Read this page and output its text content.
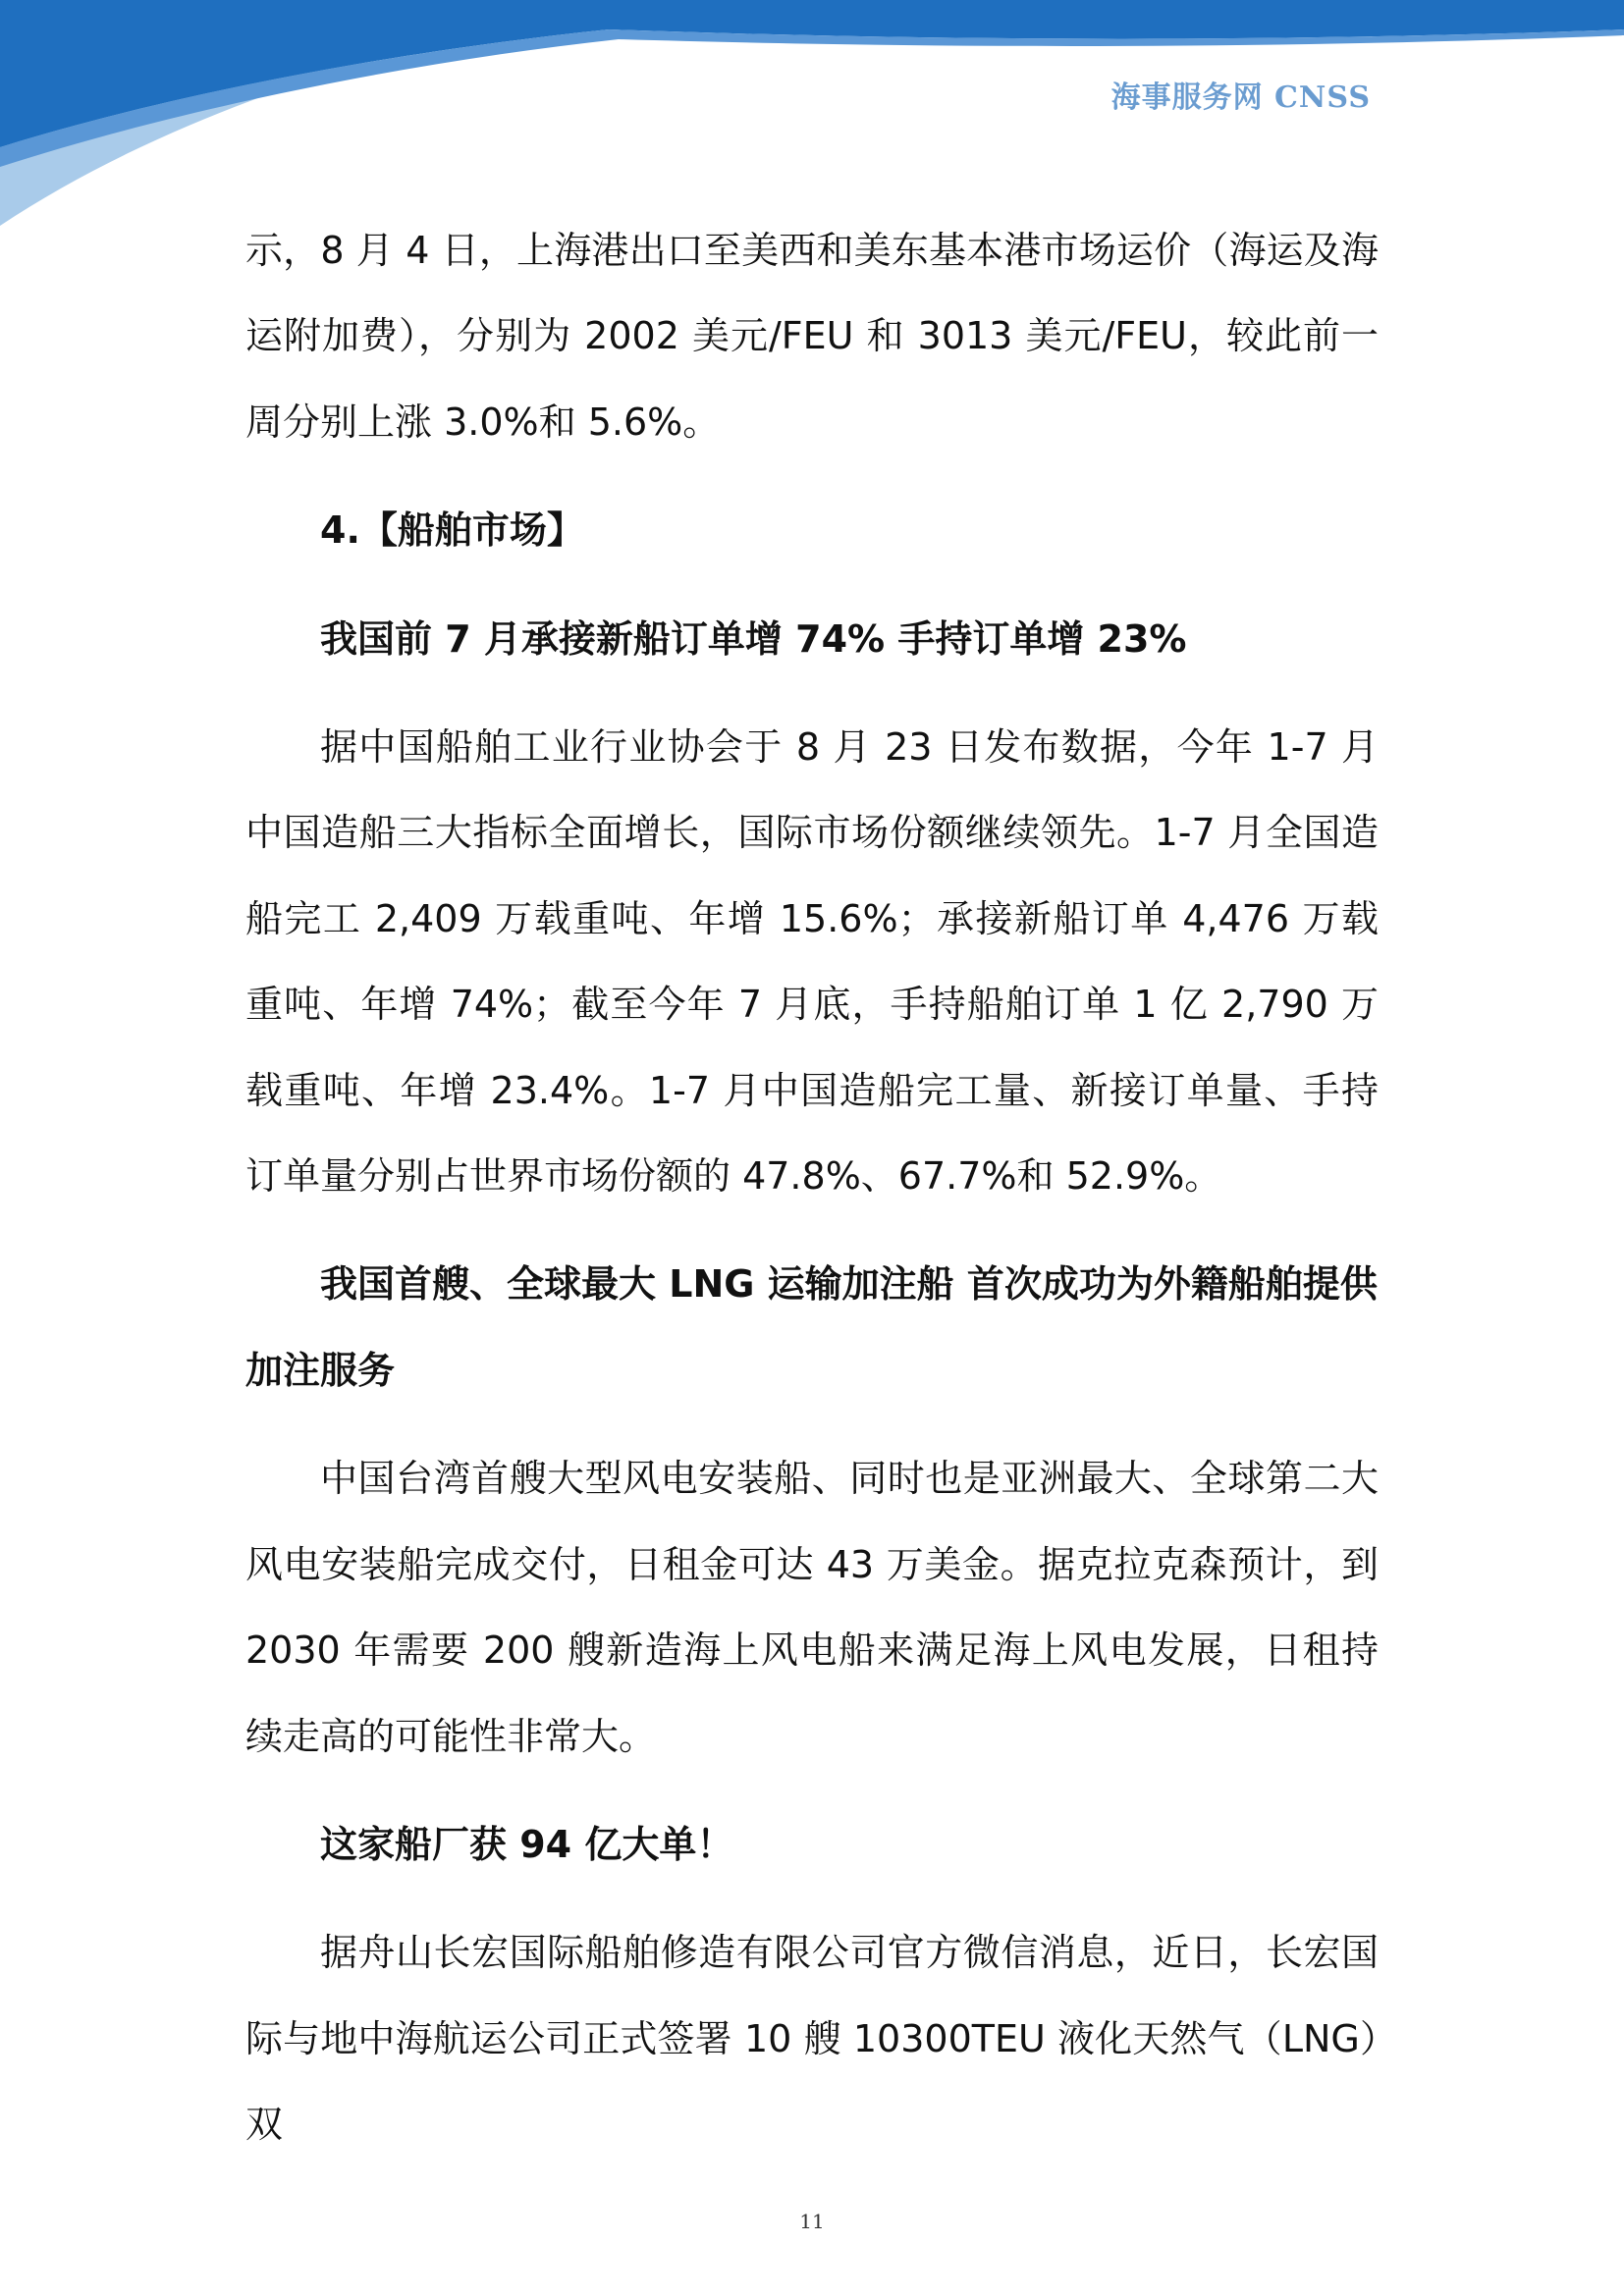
海事服务网 CNSS

示，8 月 4 日，上海港出口至美西和美东基本港市场运价（海运及海运附加费），分别为 2002 美元/FEU 和 3013 美元/FEU，较此前一周分别上涨 3.0%和 5.6%。

4.【船舶市场】

我国前 7 月承接新船订单增 74% 手持订单增 23%

据中国船舶工业行业协会于 8 月 23 日发布数据，今年 1-7 月中国造船三大指标全面增长，国际市场份额继续领先。1-7 月全国造船完工 2,409 万载重吨、年增 15.6%；承接新船订单 4,476 万载重吨、年增 74%；截至今年 7 月底，手持船舶订单 1 亿 2,790 万载重吨、年增 23.4%。1-7 月中国造船完工量、新接订单量、手持订单量分别占世界市场份额的 47.8%、67.7%和 52.9%。

我国首艘、全球最大 LNG 运输加注船 首次成功为外籍船舶提供加注服务

中国台湾首艘大型风电安装船、同时也是亚洲最大、全球第二大风电安装船完成交付，日租金可达 43 万美金。据克拉克森预计，到 2030 年需要 200 艘新造海上风电船来满足海上风电发展，日租持续走高的可能性非常大。

这家船厂获 94 亿大单！

据舟山长宏国际船舶修造有限公司官方微信消息，近日，长宏国际与地中海航运公司正式签署 10 艘 10300TEU 液化天然气（LNG）双

11
